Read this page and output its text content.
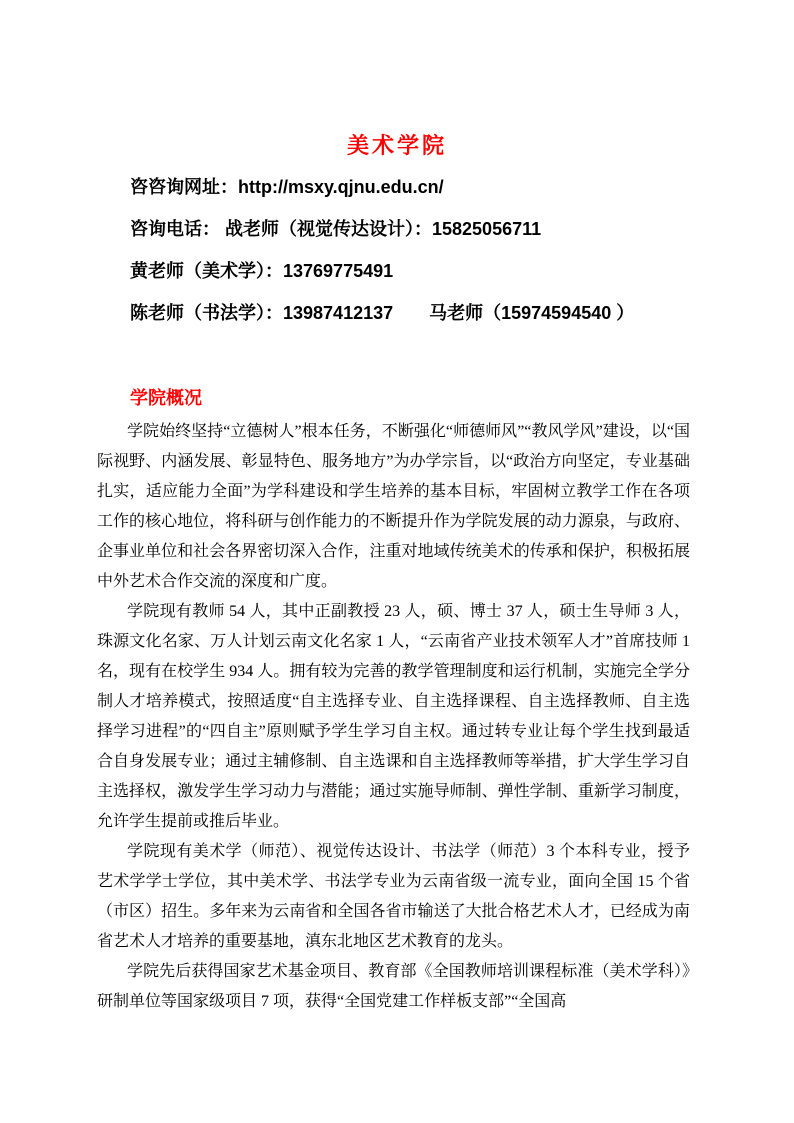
美术学院
咨咨询网址：http://msxy.qjnu.edu.cn/
咨询电话： 战老师（视觉传达设计）：15825056711
黄老师（美术学）：13769775491
陈老师（书法学）：13987412137　　马老师（15974594540 ）
学院概况

学院始终坚持“立德树人”根本任务，不断强化“师德师风”“教风学风”建设，以“国际视野、内涵发展、彰显特色、服务地方”为办学宗旨，以“政治方向坚定，专业基础扎实，适应能力全面”为学科建设和学生培养的基本目标，牢固树立教学工作在各项工作的核心地位，将科研与创作能力的不断提升作为学院发展的动力源泉，与政府、企事业单位和社会各界密切深入合作，注重对地域传统美术的传承和保护，积极拓展中外艺术合作交流的深度和广度。

学院现有教师 54 人，其中正副教授 23 人，硕、博士 37 人，硕士生导师 3 人，珠源文化名家、万人计划云南文化名家 1 人，“云南省产业技术领军人才”首席技师 1 名，现有在校学生 934 人。拥有较为完善的教学管理制度和运行机制，实施完全学分制人才培养模式，按照适度“自主选择专业、自主选择课程、自主选择教师、自主选择学习进程”的“四自主”原则赋予学生学习自主权。通过转专业让每个学生找到最适合自身发展专业；通过主辅修制、自主选课和自主选择教师等举措，扩大学生学习自主选择权，激发学生学习动力与潜能；通过实施导师制、弹性学制、重新学习制度，允许学生提前或推后毕业。

学院现有美术学（师范）、视觉传达设计、书法学（师范）3 个本科专业，授予艺术学学士学位，其中美术学、书法学专业为云南省级一流专业，面向全国 15 个省（市区）招生。多年来为云南省和全国各省市输送了大批合格艺术人才，已经成为南省艺术人才培养的重要基地，滇东北地区艺术教育的龙头。

学院先后获得国家艺术基金项目、教育部《全国教师培训课程标准（美术学科）》研制单位等国家级项目 7 项，获得“全国党建工作样板支部”“全国高
